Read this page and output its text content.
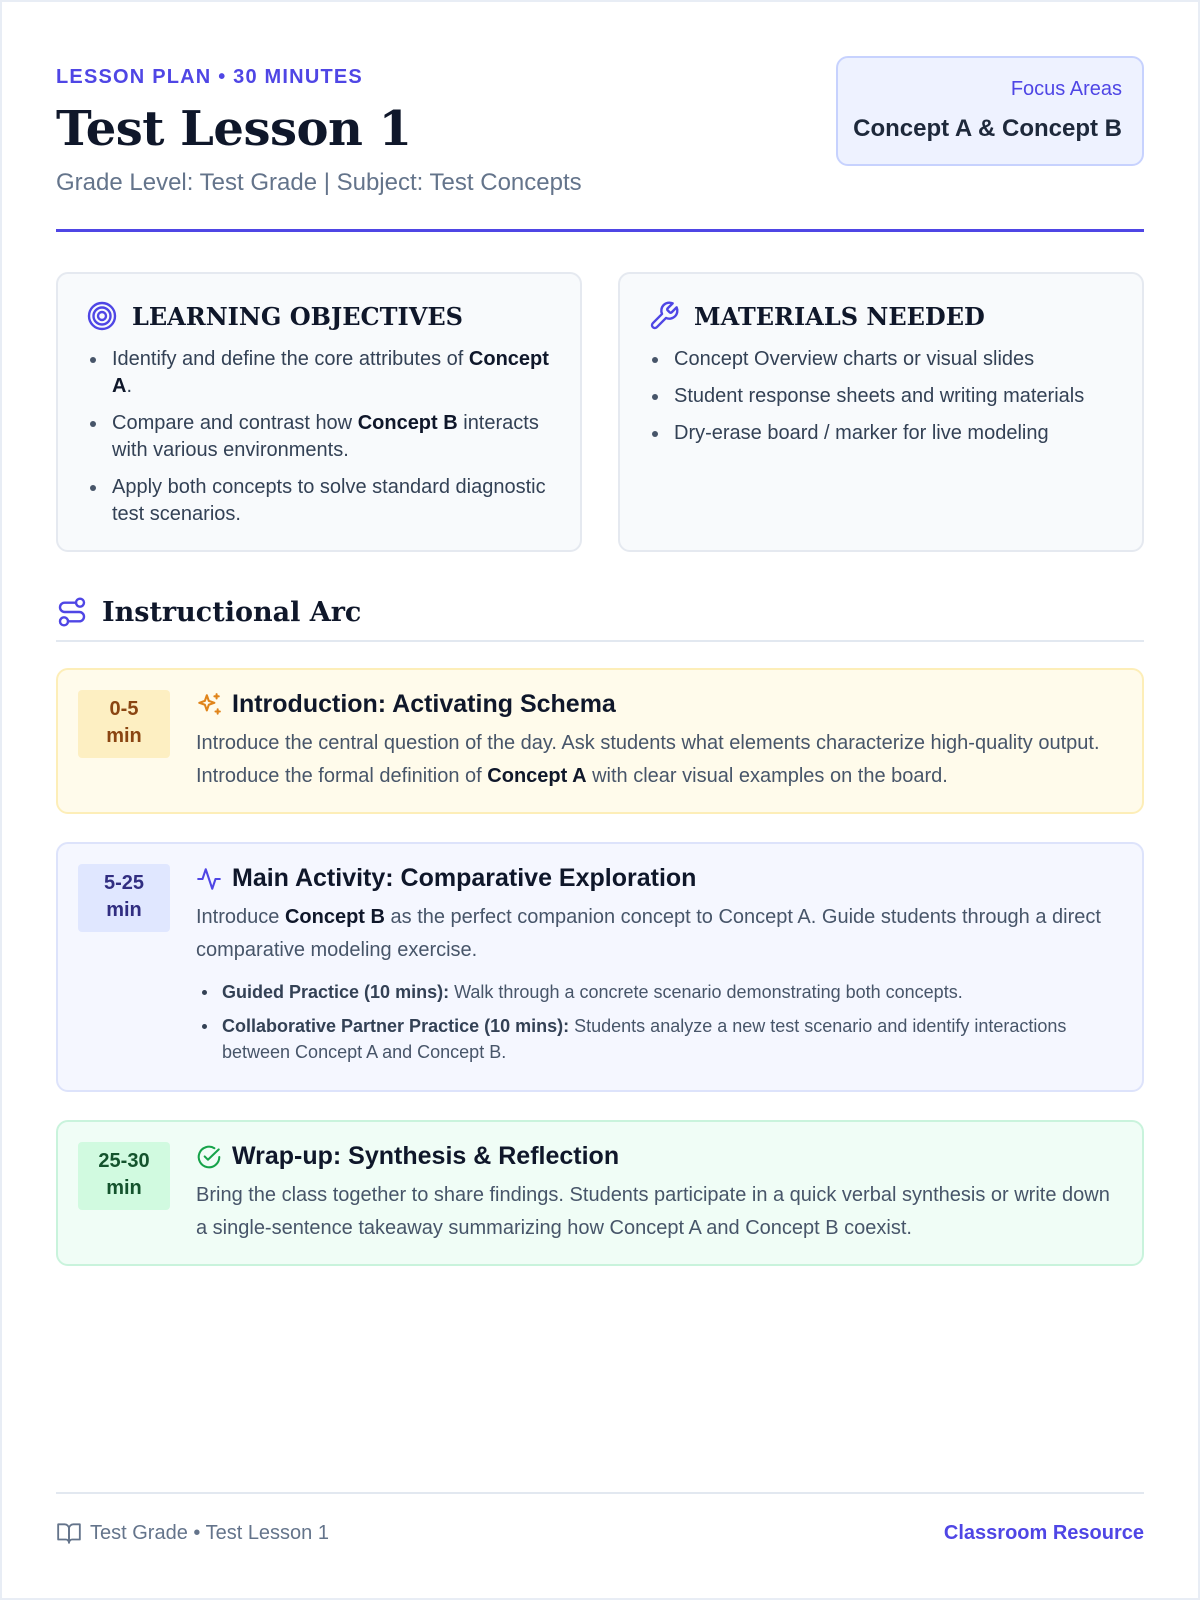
LESSON PLAN • 30 MINUTES
Test Lesson 1
Grade Level: Test Grade | Subject: Test Concepts
Focus Areas
Concept A & Concept B
LEARNING OBJECTIVES
Identify and define the core attributes of Concept A.
Compare and contrast how Concept B interacts with various environments.
Apply both concepts to solve standard diagnostic test scenarios.
MATERIALS NEEDED
Concept Overview charts or visual slides
Student response sheets and writing materials
Dry-erase board / marker for live modeling
Instructional Arc
0-5
min
Introduction: Activating Schema
Introduce the central question of the day. Ask students what elements characterize high-quality output. Introduce the formal definition of Concept A with clear visual examples on the board.
5-25
min
Main Activity: Comparative Exploration
Introduce Concept B as the perfect companion concept to Concept A. Guide students through a direct comparative modeling exercise.
Guided Practice (10 mins): Walk through a concrete scenario demonstrating both concepts.
Collaborative Partner Practice (10 mins): Students analyze a new test scenario and identify interactions between Concept A and Concept B.
25-30
min
Wrap-up: Synthesis & Reflection
Bring the class together to share findings. Students participate in a quick verbal synthesis or write down a single-sentence takeaway summarizing how Concept A and Concept B coexist.
Test Grade • Test Lesson 1	Classroom Resource
